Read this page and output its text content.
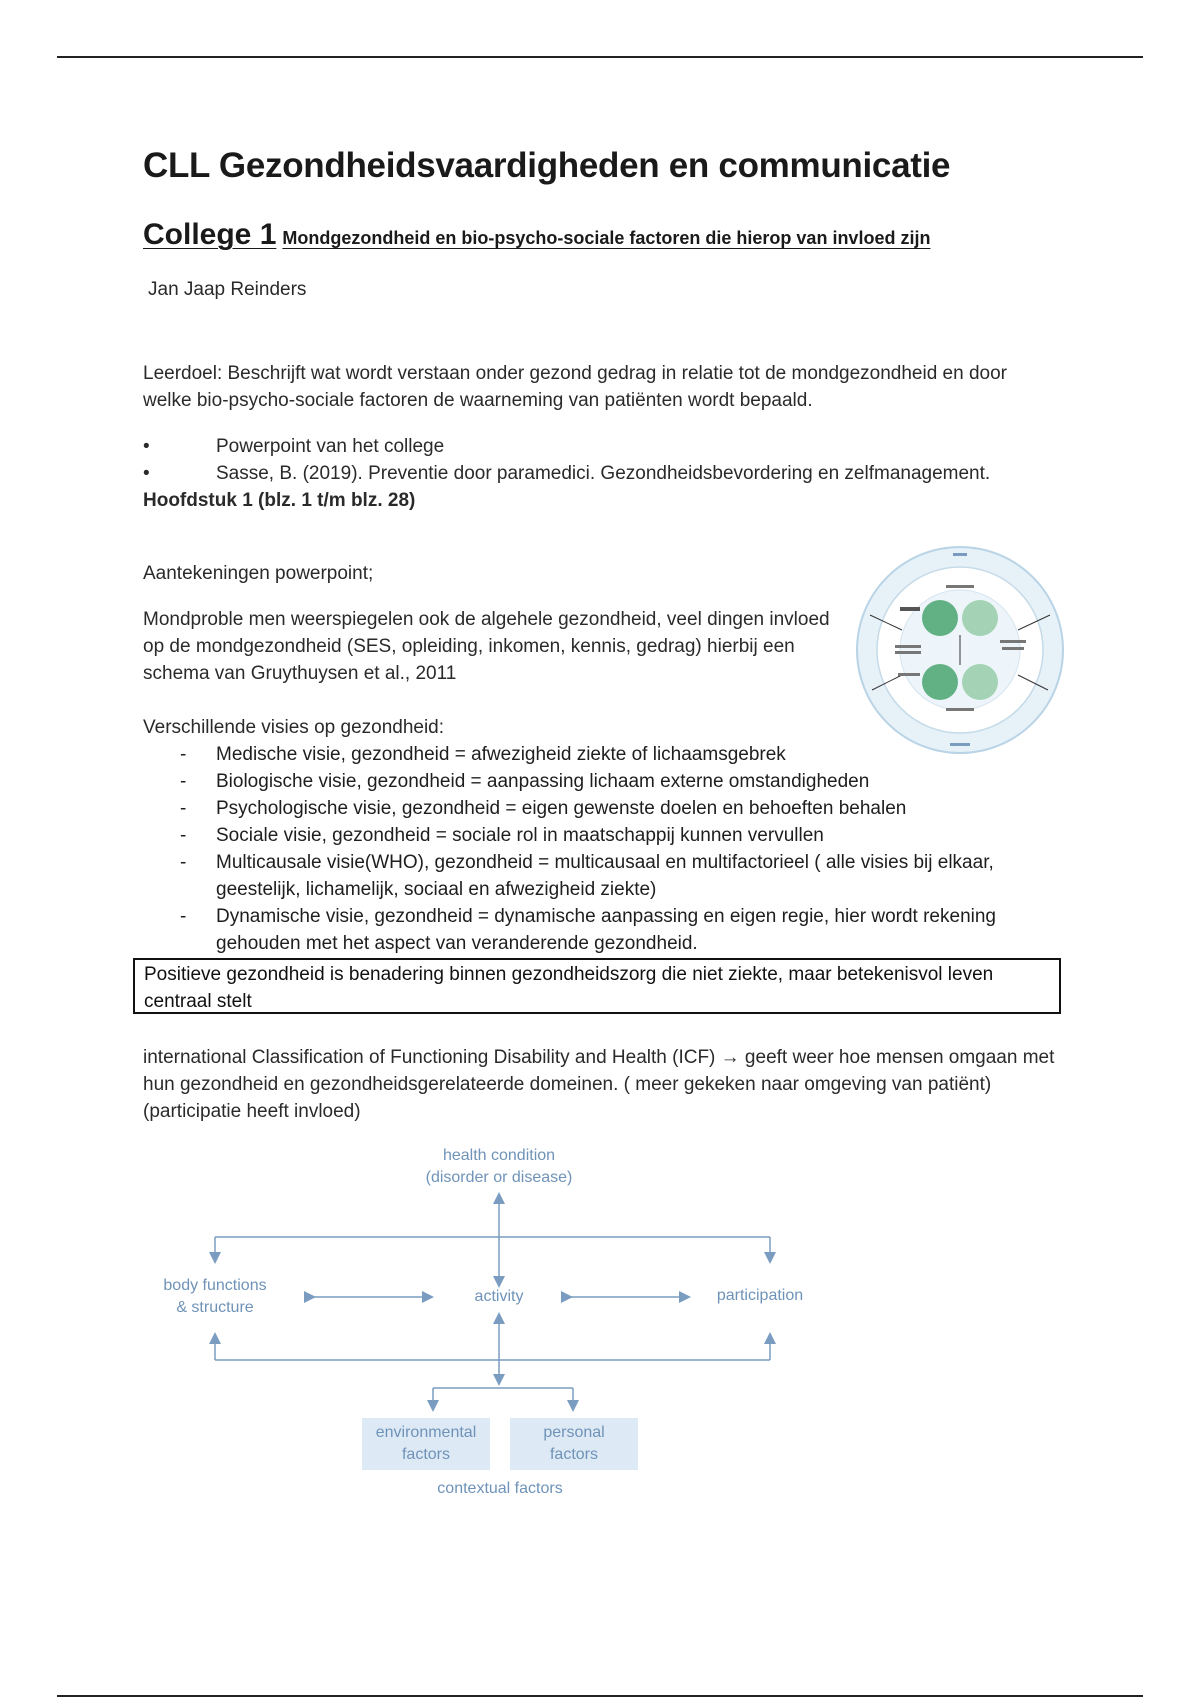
CLL Gezondheidsvaardigheden en communicatie
College 1 Mondgezondheid en bio-psycho-sociale factoren die hierop van invloed zijn
Jan Jaap Reinders
Leerdoel: Beschrijft wat wordt verstaan onder gezond gedrag in relatie tot de mondgezondheid en door welke bio-psycho-sociale factoren de waarneming van patiënten wordt bepaald.
•	Powerpoint van het college
•	Sasse, B. (2019). Preventie door paramedici. Gezondheidsbevordering en zelfmanagement. Hoofdstuk 1 (blz. 1 t/m blz. 28)
Aantekeningen powerpoint;
Mondproble men weerspiegelen ook de algehele gezondheid, veel dingen invloed op de mondgezondheid (SES, opleiding, inkomen, kennis, gedrag) hierbij een schema van Gruythuysen et al., 2011
Verschillende visies op gezondheid:
- Medische visie, gezondheid = afwezigheid ziekte of lichaamsgebrek
- Biologische visie, gezondheid = aanpassing lichaam externe omstandigheden
- Psychologische visie, gezondheid = eigen gewenste doelen en behoeften behalen
- Sociale visie, gezondheid = sociale rol in maatschappij kunnen vervullen
- Multicausale visie(WHO), gezondheid = multicausaal en multifactorieel ( alle visies bij elkaar, geestelijk, lichamelijk, sociaal en afwezigheid ziekte)
- Dynamische visie, gezondheid = dynamische aanpassing en eigen regie, hier wordt rekening gehouden met het aspect van veranderende gezondheid.
Positieve gezondheid is benadering binnen gezondheidszorg die niet ziekte, maar betekenisvol leven centraal stelt
international Classification of Functioning Disability and Health (ICF) → geeft weer hoe mensen omgaan met hun gezondheid en gezondheidsgerelateerde domeinen. ( meer gekeken naar omgeving van patiënt) (participatie heeft invloed)
health condition
(disorder or disease)
body functions
& structure
activity	participation
environmental
factors
personal
factors
contextual factors
